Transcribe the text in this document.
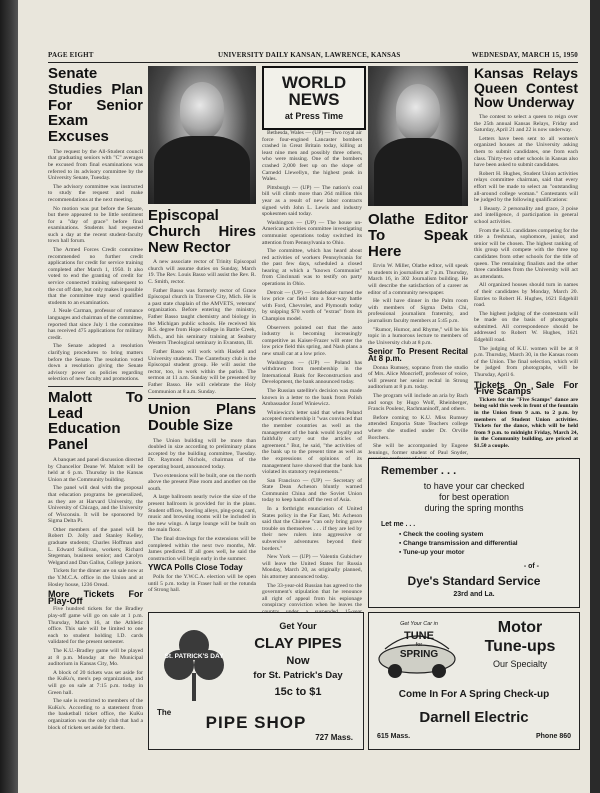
PAGE EIGHT	UNIVERSITY DAILY KANSAN, LAWRENCE, KANSAS	WEDNESDAY, MARCH 15, 1950
Senate Studies Plan For Senior Exam Excuses

The request by the All-Student council that graduating seniors with "C" averages be excused from final examinations was referred to its advisory committee by the University Senate, Tuesday.

The advisory committee was instructed to study the request and make recommendations at the next meeting.

No motion was put before the Senate, but there appeared to be little sentiment for a "day of grace" before final examinations. Students had requested such a day at the recent student-faculty town hall forum.

The Armed Forces Credit committee recommended no further credit applications for credit for service training completed after March 1, 1950. It also voted to end the granting of credit for service connected training subsequent to the cut off date, but only makes it possible that the committee may send qualified students to an examination.

J. Neale Carman, professor of romance languages and chairman of the committee, reported that since July 1 the committee has received 475 applications for military credit.

The Senate adopted a resolution clarifying procedures to bring matters before the Senate. The resolution voted down a resolution giving the Senate advisory power on policies regarding selection of new faculty and promotions.

Malott To Lead Education Panel

A banquet and panel discussion directed by Chancellor Deane W. Malott will be held at 6 p.m. Thursday in the Kansas Union at the Community building.

The panel will deal with the proposal that education programs be generalized, as they are at Harvard University, the University of Chicago, and the University of Wisconsin. It will be sponsored by Sigma Delta Pi.

Other members of the panel will be Robert D. Jolly and Stanley Kelley, graduate students; Charles Hoffman and L. Edward Sullivan, workers; Richard Stegeman, business senior; and Carolyn Welgand and Dan Gallus, College juniors.

Tickets for the dinner are on sale now at the Y.M.C.A. office in the Union and at Hosley house, 1236 Oread.

More Tickets For Play-Off

Five hundred tickets for the Bradley play-off game will go on sale at 1 p.m. Thursday, March 16, at the Athletic office. This sale will be limited to one each to student holding I.D. cards validated for the present semester.

The K.U.-Bradley game will be played at 8 p.m. Monday at the Municipal auditorium in Kansas City, Mo.

A block of 20 tickets was set aside for the KuKu's, men's pep organization, and will go on sale at 7:15 p.m. today in Green hall.

The sale is restricted to members of the KuKu's. According to a statement from the basketball ticket office, the KuKu organization was the only club that had a block of tickets set aside for them.

Episcopal Church Hires New Rector

A new associate rector of Trinity Episcopal church will assume duties on Sunday, March 19. The Rev. Louis Basso will assist the Rev. R. C. Smith, rector.

Father Basso was formerly rector of Grace Episcopal church in Traverse City, Mich. He is a past state chaplain of the AMVETS, veterans' organization. Before entering the ministry, Father Basso taught chemistry and biology in the Michigan public schools. He received his B.S. degree from Hope college in Battle Creek, Mich., and his seminary training at Seabury Western Theological seminary in Evanston, Ill.

Father Basso will work with Haskell and University students. The Canterbury club is the Episcopal student group. He will assist the rector, too, in work within the parish. The sermon at 11 a.m. Sunday will be presented by Father Basso. He will celebrate the Holy Communion at 8 a.m. Sunday.

Union Plans Double Size

The Union building will be more than doubled in size according to preliminary plans accepted by the building committee, Tuesday. Dr. Raymond Nichols, chairman of the operating board, announced today.

Two extensions will be built, one on the north above the present Pine room and another on the south.

A large ballroom nearly twice the size of the present ballroom is provided for in the plans. Student offices, bowling alleys, ping-pong card, music and browsing rooms will be included in the new wings. A large lounge will be built on the main floor.

The final drawings for the extensions will be completed within the next two months, Mr. James predicted. If all goes well, he said the construction will begin early in the summer.

YWCA Polls Close Today

Polls for the Y.W.C.A. election will be open until 5 p.m. today in Fraser hall or the rotunda of Strong hall.

WORLD NEWS
at Press Time

Bethesda, Wales — (UP) — Two royal air force four-engined Lancaster bombers crashed in Great Britain today, killing at least nine men and possibly three others, who were missing. One of the bombers crashed 2,000 feet up on the slope of Carnedd Llewellyn, the highest peak in Wales.

Pittsburgh — (UP) — The nation's coal bill will climb more than 264 million this year as a result of new labor contracts signed with John L. Lewis and industry spokesmen said today.

Washington — (UP) — The house un-American activities committee investigating communist operations today switched its attention from Pennsylvania to Ohio.

The committee, which has heard about red activities of workers Pennsylvania for the past few days, scheduled a closed hearing at which a "known Communist" from Cincinnati was to testify on party operations in Ohio.

Detroit — (UP) — Studebaker turned the low price car field into a four-way battle with Ford, Chevrolet, and Plymouth today by snipping $70 worth of "extras" from its Champion model.

Observers pointed out that the auto industry is becoming increasingly competitive as Kaiser-Frazer will enter the low price field this spring, and Nash plans a new small car at a low price.

Washington — (UP) — Poland has withdrawn from membership in the International Bank for Reconstruction and Development, the bank announced today.

The Russian satellite's decision was made known in a letter to the bank from Polish Ambassador Jozef Winiewicz.

Winiewicz's letter said that when Poland accepted membership it "was convinced that the member countries as well as the management of the bank would loyally and faithfully carry out the articles of agreement." But, he said, "the activities of the bank up to the present time as well as the expressions of opinions of its management have showed that the bank has violated its statutory requirements."

San Francisco — (UP) — Secretary of State Dean Acheson bluntly warned Communist China and the Soviet Union today to keep hands off the rest of Asia.

In a forthright enunciation of United States policy in the Far East, Mr. Acheson said that the Chinese "can only bring grave trouble on themselves . . . if they are led by their new rulers into aggressive or subversive adventures beyond their borders."

New York — (UP) — Valentin Gubichev will leave the United States for Russia Monday, March 20, as originally planned, his attorney announced today.

The 33-year-old Russian has agreed to the government's stipulation that he renounce all right of appeal from his espionage conspiracy conviction when he leaves the

Olathe Editor To Speak Here

Ervin W. Miller, Olathe editor, will speak to students in journalism at 7 p.m. Thursday, March 16, in 302 Journalism building. He will describe the satisfaction of a career as editor of a community newspaper.

He will have dinner in the Palm room with members of Sigma Delta Chi, professional journalism fraternity, and journalism faculty members at 5:45 p.m.

"Rumor, Humor, and Rhyme," will be his topic in a humorous lecture to members of the University club at 8 p.m.

Senior To Present Recital At 8 p.m.

Donna Rumsey, soprano from the studio of Mrs. Alice Moncrieff, professor of voice, will present her senior recital in Strong auditorium at 8 p.m. today.

The program will include an aria by Bach and songs by Hugo Wolf, Rheinberger, Francis Poulenc, Rachmaninoff, and others.

Before coming to K.U. Miss Rumsey attended Emporia State Teachers college where she studied under Dr. Orville Borchers.

She will be accompanied by Eugene Jennings, former student of Paul Snyder,

Kansas Relays Queen Contest Now Underway

The contest to select a queen to reign over the 25th annual Kansas Relays, Friday and Saturday, April 21 and 22 is now underway.

Letters have been sent to all women's organized houses at the University asking them to submit candidates, one from each class. Thirty-two other schools in Kansas also have been asked to submit candidates.

Robert H. Hughes, Student Union activities relays committee chairman, said that every effort will be made to select an "outstanding all-around college woman." Contestants will be judged by the following qualifications:

1 Beauty. 2 personality and grace, 3 poise and intelligence, 4 participation in general school activities.

From the K.U. candidates competing for the title a freshman, sophomore, junior, and senior will be chosen. The highest ranking of this group will compete with the three top candidates from other schools for the title of queen. The remaining finalists and the other three candidates from the University will act as attendants.

All organized houses should turn in names of their candidates by Monday, March 20. Entries to Robert H. Hughes, 1621 Edgehill road.

The highest judging of the contestants will be made on the basis of photographs submitted. All correspondence should be addressed to Robert W. Hughes, 1621 Edgehill road.

The judging of K.U. women will be at 8 p.m. Thursday, March 30, in the Kansas room of the Union. The final selection, which will be judged from photographs, will be Thursday, April 6.

Tickets On Sale For 'Five Scamps'

Tickets for the "Five Scamps" dance are being sold this week in front of the fountain in the Union from 9 a.m. to 2 p.m. by members of Student Union activities. Tickets for the dance, which will be held from 9 p.m. to midnight Friday, March 24, in the Community building, are priced at $1.50 a couple.

Remember . . .
to have your car checked
for best operation
during the spring months
Let me . . .
▪ Check the cooling system
▪ Change transmission and differential
▪ Tune-up your motor
- of -
Dye's Standard Service
23rd and La.
St. PATRICK'S DAY
Get Your
CLAY PIPES
Now
for St. Patrick's Day
15c to $1
The
PIPE SHOP
727 Mass.
Get Your Car in
TUNE
for
SPRING
Motor
Tune-ups
Our Specialty
Come In For A Spring Check-up
Darnell Electric
615 Mass.	Phone 860
